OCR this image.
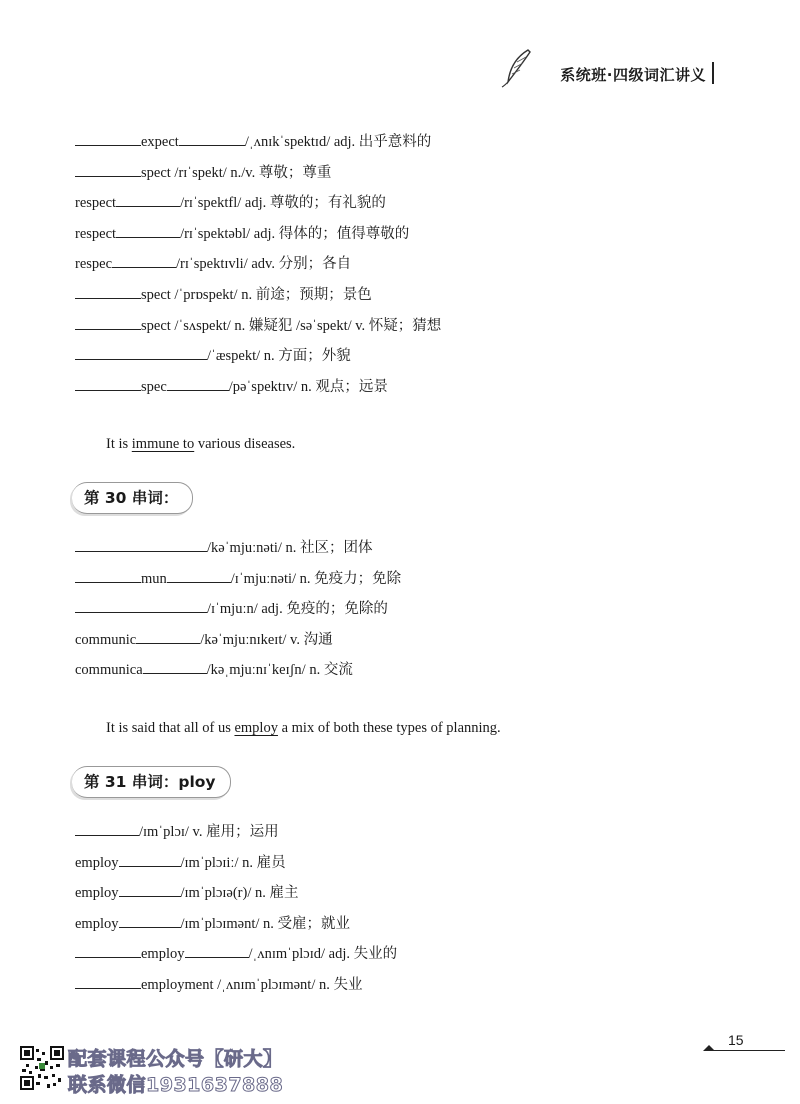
系统班·四级词汇讲义
expect	/ˌʌnɪkˈspektɪd/ adj. 出乎意料的
spect /rɪˈspekt/ n./v. 尊敬；尊重
respect	/rɪˈspektfl/ adj. 尊敬的；有礼貌的
respect	/rɪˈspektəbl/ adj. 得体的；值得尊敬的
respec	/rɪˈspektɪvli/ adv. 分别；各自
spect /ˈprɒspekt/ n. 前途；预期；景色
spect /ˈsʌspekt/ n. 嫌疑犯 /səˈspekt/ v. 怀疑；猜想
/ˈæspekt/ n. 方面；外貌
spec	/pəˈspektɪv/ n. 观点；远景
It is immune to various diseases.
第 30 串词：
/kəˈmjuːnəti/ n. 社区；团体
mun	/ɪˈmjuːnəti/ n. 免疫力；免除
/ɪˈmjuːn/ adj. 免疫的；免除的
communic	/kəˈmjuːnɪkeɪt/ v. 沟通
communica	/kəˌmjuːnɪˈkeɪʃn/ n. 交流
It is said that all of us employ a mix of both these types of planning.
第 31 串词：ploy
/ɪmˈplɔɪ/ v. 雇用；运用
employ	/ɪmˈplɔɪiː/ n. 雇员
employ	/ɪmˈplɔɪə(r)/ n. 雇主
employ	/ɪmˈplɔɪmənt/ n. 受雇；就业
employ	/ˌʌnɪmˈplɔɪd/ adj. 失业的
employment /ˌʌnɪmˈplɔɪmənt/ n. 失业
15
配套课程公众号【研大】
联系微信1931637888
